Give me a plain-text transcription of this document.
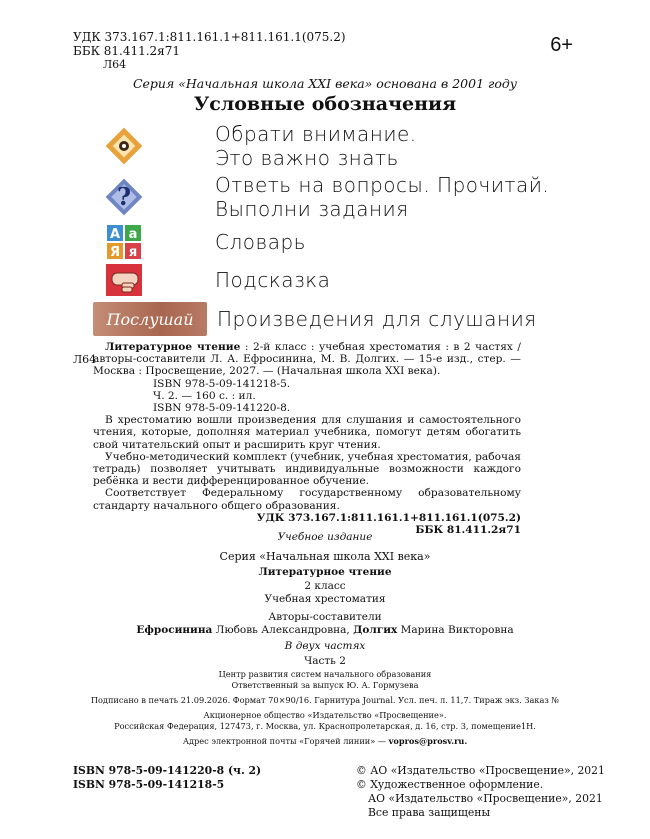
УДК 373.167.1:811.161.1+811.161.1(075.2)
ББК 81.411.2я71
Л64
6+
Серия «Начальная школа XXI века» основана в 2001 году
Условные обозначения
Обрати внимание.
Это важно знать
?	Ответь на вопросы. Прочитай.
Выполни задания
А а
Я я	Словарь
Подсказка
Послушай	Произведения для слушания
Л64

Литературное чтение : 2-й класс : учебная хрестоматия : в 2 частях / авторы-составители Л. А. Ефросинина, М. В. Долгих. — 15-е изд., стер. — Москва : Просвещение, 2027. — (Начальная школа XXI века).

ISBN 978-5-09-141218-5.
Ч. 2. — 160 с. : ил.
ISBN 978-5-09-141220-8.

В хрестоматию вошли произведения для слушания и самостоятельного чтения, которые, дополняя материал учебника, помогут детям обогатить свой читательский опыт и расширить круг чтения.

Учебно-методический комплект (учебник, учебная хрестоматия, рабочая тетрадь) позволяет учитывать индивидуальные возможности каждого ребёнка и вести дифференцированное обучение.

Соответствует Федеральному государственному образовательному стандарту начального общего образования.

УДК 373.167.1:811.161.1+811.161.1(075.2)
ББК 81.411.2я71
Учебное издание
Серия «Начальная школа XXI века»
Литературное чтение
2 класс
Учебная хрестоматия
Авторы-составители
Ефросинина Любовь Александровна, Долгих Марина Викторовна
В двух частях
Часть 2
Центр развития систем начального образования
Ответственный за выпуск Ю. А. Гормузева
Подписано в печать 21.09.2026. Формат 70×90/16. Гарнитура Journal. Усл. печ. л. 11,7. Тираж экз. Заказ №
Акционерное общество «Издательство «Просвещение».
Российская Федерация, 127473, г. Москва, ул. Краснопролетарская, д. 16, стр. 3, помещение1Н.
Адрес электронной почты «Горячей линии» — vopros@prosv.ru.
ISBN 978-5-09-141220-8 (ч. 2)
ISBN 978-5-09-141218-5
© АО «Издательство «Просвещение», 2021
© Художественное оформление.
АО «Издательство «Просвещение», 2021
Все права защищены
